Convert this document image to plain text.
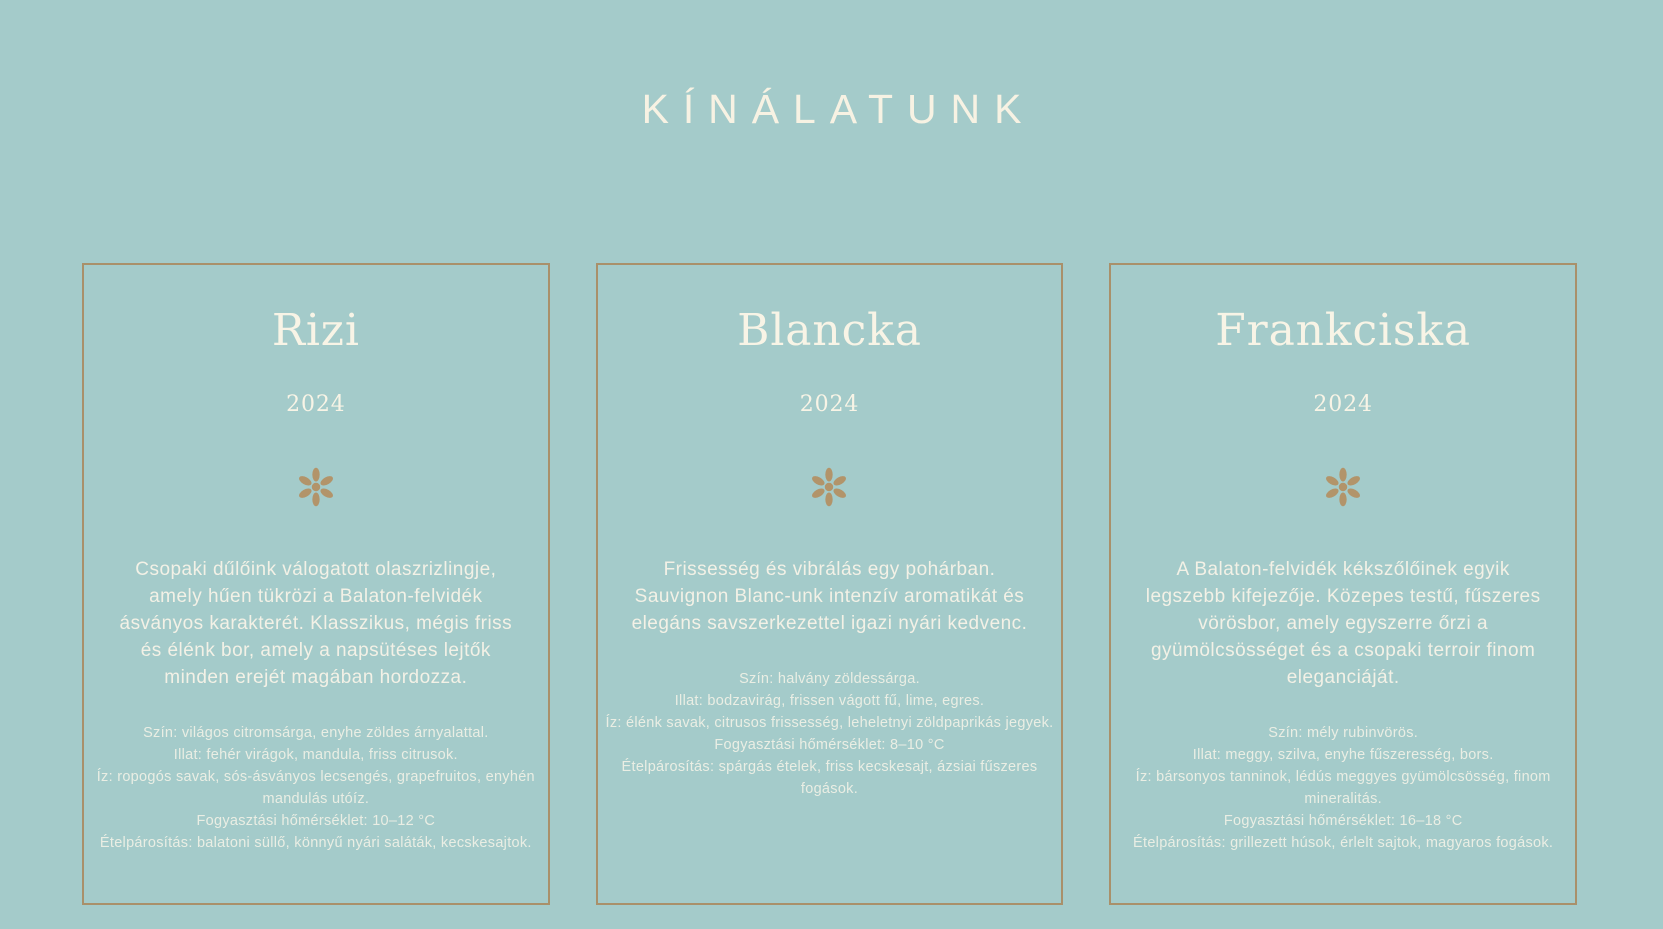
KÍNÁLATUNK
Rizi
2024

Csopaki dűlőink válogatott olaszrizlingje, amely hűen tükrözi a Balaton-felvidék ásványos karakterét. Klasszikus, mégis friss és élénk bor, amely a napsütéses lejtők minden erejét magában hordozza.

Szín: világos citromsárga, enyhe zöldes árnyalattal.
Illat: fehér virágok, mandula, friss citrusok.
Íz: ropogós savak, sós-ásványos lecsengés, grapefruitos, enyhén mandulás utóíz.
Fogyasztási hőmérséklet: 10–12 °C
Ételpárosítás: balatoni süllő, könnyű nyári saláták, kecskesajtok.
Blancka
2024

Frissesség és vibrálás egy pohárban. Sauvignon Blanc-unk intenzív aromatikát és elegáns savszerkezettel igazi nyári kedvenc.

Szín: halvány zöldessárga.
Illat: bodzavirág, frissen vágott fű, lime, egres.
Íz: élénk savak, citrusos frissesség, leheletnyi zöldpaprikás jegyek.
Fogyasztási hőmérséklet: 8–10 °C
Ételpárosítás: spárgás ételek, friss kecskesajt, ázsiai fűszeres fogások.
Frankciska
2024

A Balaton-felvidék kékszőlőinek egyik legszebb kifejezője. Közepes testű, fűszeres vörösbor, amely egyszerre őrzi a gyümölcsösséget és a csopaki terroir finom eleganciáját.

Szín: mély rubinvörös.
Illat: meggy, szilva, enyhe fűszeresség, bors.
Íz: bársonyos tanninok, lédús meggyes gyümölcsösség, finom mineralitás.
Fogyasztási hőmérséklet: 16–18 °C
Ételpárosítás: grillezett húsok, érlelt sajtok, magyaros fogások.
